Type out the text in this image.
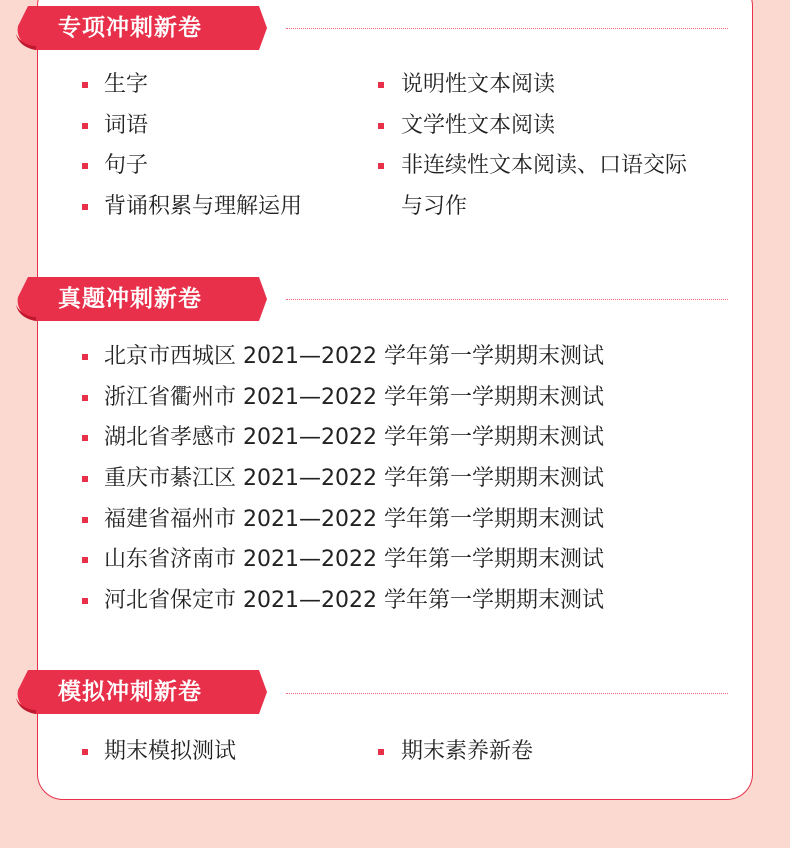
专项冲刺新卷
生字
词语
句子
背诵积累与理解运用
说明性文本阅读
文学性文本阅读
非连续性文本阅读、口语交际
与习作
真题冲刺新卷
北京市西城区 2021—2022 学年第一学期期末测试
浙江省衢州市 2021—2022 学年第一学期期末测试
湖北省孝感市 2021—2022 学年第一学期期末测试
重庆市綦江区 2021—2022 学年第一学期期末测试
福建省福州市 2021—2022 学年第一学期期末测试
山东省济南市 2021—2022 学年第一学期期末测试
河北省保定市 2021—2022 学年第一学期期末测试
模拟冲刺新卷
期末模拟测试	期末素养新卷
